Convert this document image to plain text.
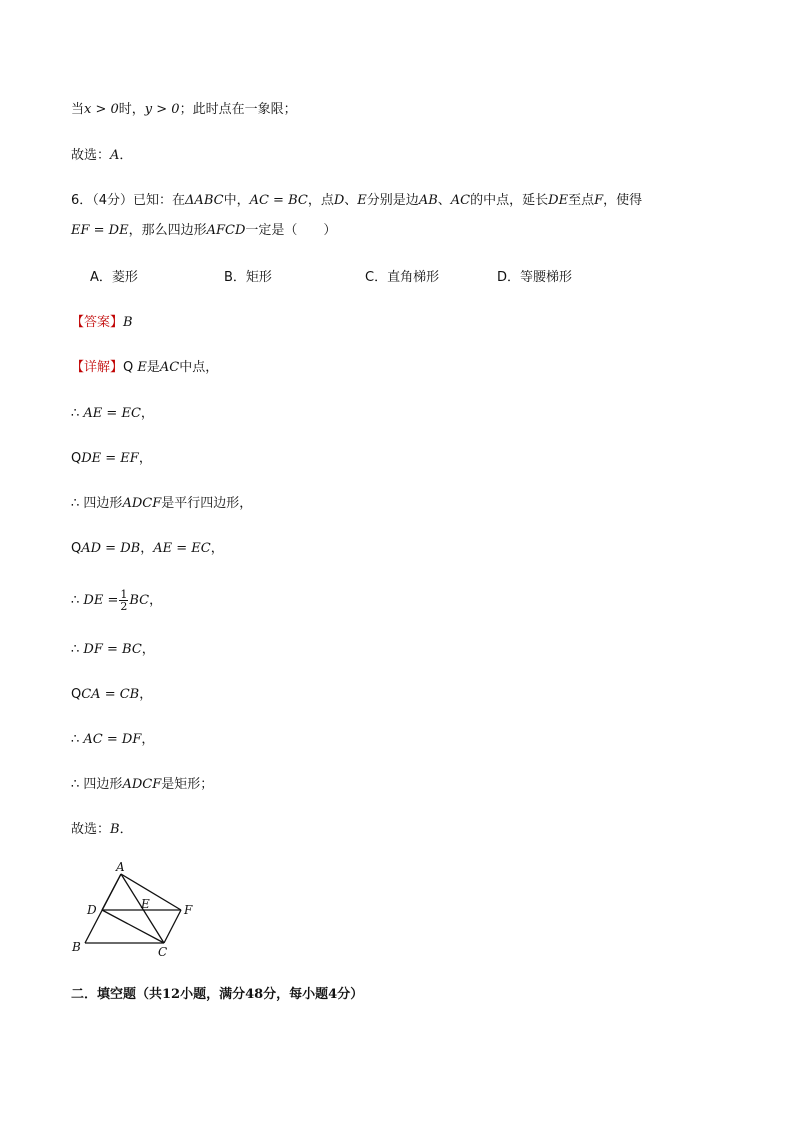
当x > 0时，y > 0；此时点在一象限；
故选：A．
6．（4分）已知：在ΔABC中，AC = BC，点D、E分别是边AB、AC的中点，延长DE至点F，使得
EF = DE，那么四边形AFCD一定是（　　）
A．菱形	B．矩形	C．直角梯形	D．等腰梯形
【答案】B
【详解】Q E是AC中点，
∴ AE = EC，
QDE = EF，
∴ 四边形ADCF是平行四边形，
QAD = DB，AE = EC，
∴ DE = $\frac{1}{2}$ BC，
∴ DF = BC，
QCA = CB，
∴ AC = DF，
∴ 四边形ADCF是矩形；
故选：B．
A
D	E	F
B	C
二．填空题（共12小题，满分48分，每小题4分）
